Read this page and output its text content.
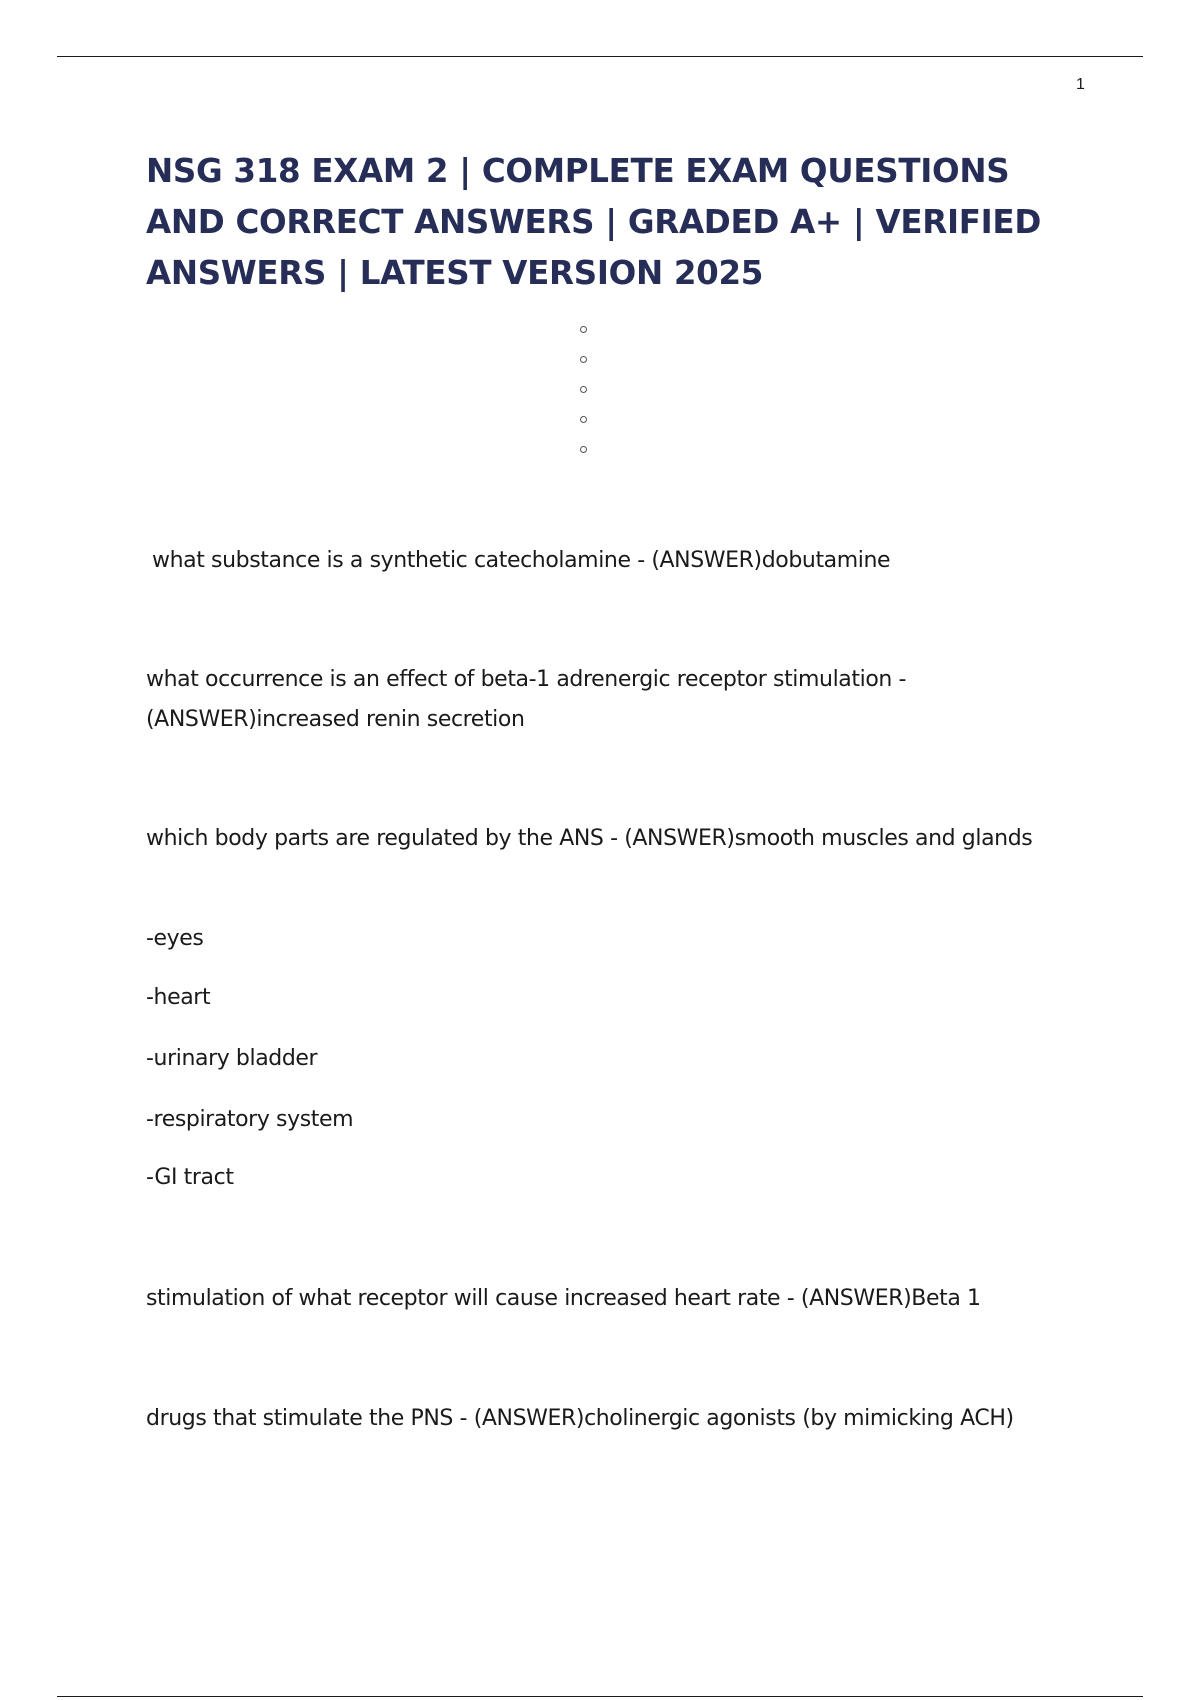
1
NSG 318 EXAM 2 | COMPLETE EXAM QUESTIONS AND CORRECT ANSWERS | GRADED A+ | VERIFIED ANSWERS | LATEST VERSION 2025

what substance is a synthetic catecholamine - (ANSWER)dobutamine

what occurrence is an effect of beta-1 adrenergic receptor stimulation - (ANSWER)increased renin secretion

which body parts are regulated by the ANS - (ANSWER)smooth muscles and glands

-eyes

-heart

-urinary bladder

-respiratory system

-GI tract

stimulation of what receptor will cause increased heart rate - (ANSWER)Beta 1

drugs that stimulate the PNS - (ANSWER)cholinergic agonists (by mimicking ACH)
